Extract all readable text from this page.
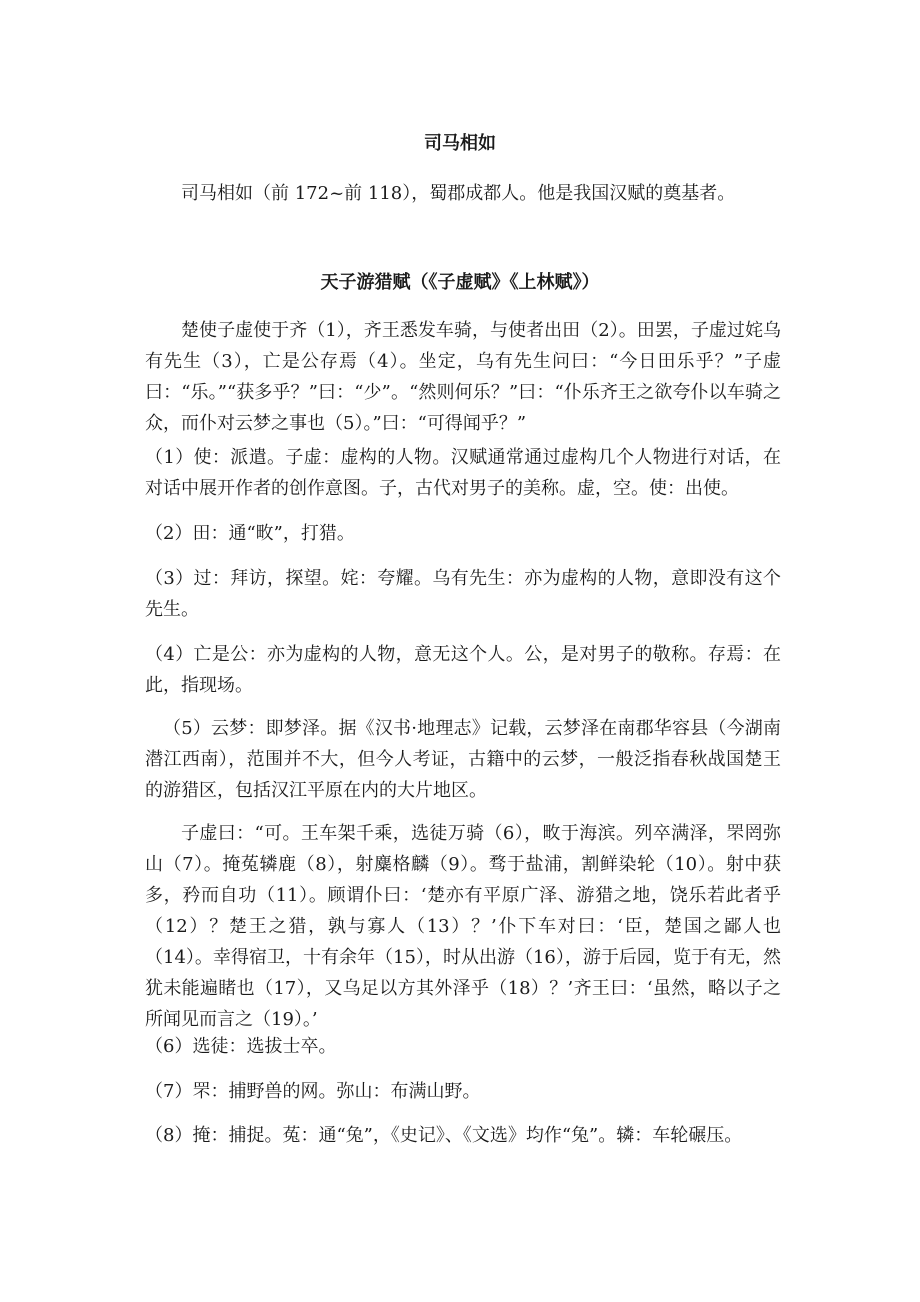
司马相如

司马相如（前 172~前 118），蜀郡成都人。他是我国汉赋的奠基者。

天子游猎赋（《子虚赋》《上林赋》）

楚使子虚使于齐（1），齐王悉发车骑，与使者出田（2）。田罢，子虚过姹乌有先生（3），亡是公存焉（4）。坐定，乌有先生问曰：“今日田乐乎？”子虚曰：“乐。”“获多乎？”曰：“少”。“然则何乐？”曰：“仆乐齐王之欲夸仆以车骑之众，而仆对云梦之事也（5）。”曰：“可得闻乎？”

（1）使：派遣。子虚：虚构的人物。汉赋通常通过虚构几个人物进行对话，在对话中展开作者的创作意图。子，古代对男子的美称。虚，空。使：出使。

（2）田：通“畋”，打猎。

（3）过：拜访，探望。姹：夸耀。乌有先生：亦为虚构的人物，意即没有这个先生。

（4）亡是公：亦为虚构的人物，意无这个人。公，是对男子的敬称。存焉：在此，指现场。

（5）云梦：即梦泽。据《汉书·地理志》记载，云梦泽在南郡华容县（今湖南潜江西南），范围并不大，但今人考证，古籍中的云梦，一般泛指春秋战国楚王的游猎区，包括汉江平原在内的大片地区。

子虚曰：“可。王车架千乘，选徒万骑（6），畋于海滨。列卒满泽，罘罔弥山（7）。掩菟辚鹿（8），射麋格麟（9）。骛于盐浦，割鲜染轮（10）。射中获多，矜而自功（11）。顾谓仆曰：‘楚亦有平原广泽、游猎之地，饶乐若此者乎（12）？楚王之猎，孰与寡人（13）？’仆下车对曰：‘臣，楚国之鄙人也（14）。幸得宿卫，十有余年（15），时从出游（16），游于后园，览于有无，然犹未能遍睹也（17），又乌足以方其外泽乎（18）？’齐王曰：‘虽然，略以子之所闻见而言之（19）。’

（6）选徒：选拔士卒。

（7）罘：捕野兽的网。弥山：布满山野。

（8）掩：捕捉。菟：通“兔”，《史记》、《文选》均作“兔”。辚：车轮碾压。
